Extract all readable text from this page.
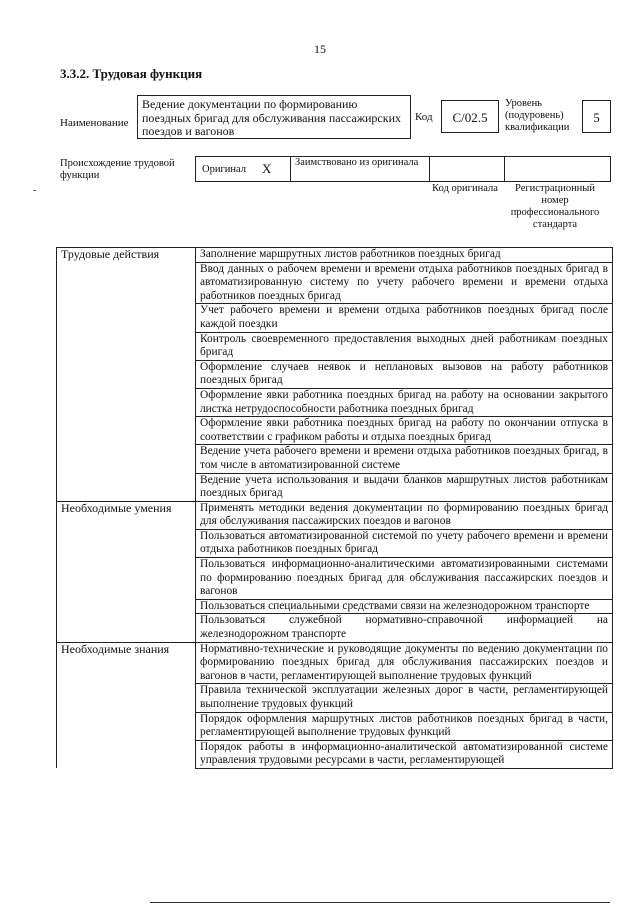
15
3.3.2. Трудовая функция
Наименование
Ведение документации по формированию поездных бригад для обслуживания пассажирских поездов и вагонов
Код	С/02.5
Уровень (подуровень) квалификации
5
Происхождение трудовой функции
-
Оригинал Х Заимствовано из оригинала
Код оригинала	Регистрационный номер профессионального стандарта
Трудовые действия	Заполнение маршрутных листов работников поездных бригад
	Ввод данных о рабочем времени и времени отдыха работников поездных бригад в автоматизированную систему по учету рабочего времени и времени отдыха работников поездных бригад
	Учет рабочего времени и времени отдыха работников поездных бригад после каждой поездки
	Контроль своевременного предоставления выходных дней работникам поездных бригад
	Оформление случаев неявок и неплановых вызовов на работу работников поездных бригад
	Оформление явки работника поездных бригад на работу на основании закрытого листка нетрудоспособности работника поездных бригад
	Оформление явки работника поездных бригад на работу по окончании отпуска в соответствии с графиком работы и отдыха поездных бригад
	Ведение учета рабочего времени и времени отдыха работников поездных бригад, в том числе в автоматизированной системе
	Ведение учета использования и выдачи бланков маршрутных листов работникам поездных бригад
Необходимые умения	Применять методики ведения документации по формированию поездных бригад для обслуживания пассажирских поездов и вагонов
	Пользоваться автоматизированной системой по учету рабочего времени и времени отдыха работников поездных бригад
	Пользоваться информационно-аналитическими автоматизированными системами по формированию поездных бригад для обслуживания пассажирских поездов и вагонов
	Пользоваться специальными средствами связи на железнодорожном транспорте
	Пользоваться служебной нормативно-справочной информацией на железнодорожном транспорте
Необходимые знания	Нормативно-технические и руководящие документы по ведению документации по формированию поездных бригад для обслуживания пассажирских поездов и вагонов в части, регламентирующей выполнение трудовых функций
	Правила технической эксплуатации железных дорог в части, регламентирующей выполнение трудовых функций
	Порядок оформления маршрутных листов работников поездных бригад в части, регламентирующей выполнение трудовых функций
	Порядок работы в информационно-аналитической автоматизированной системе управления трудовыми ресурсами в части, регламентирующей
